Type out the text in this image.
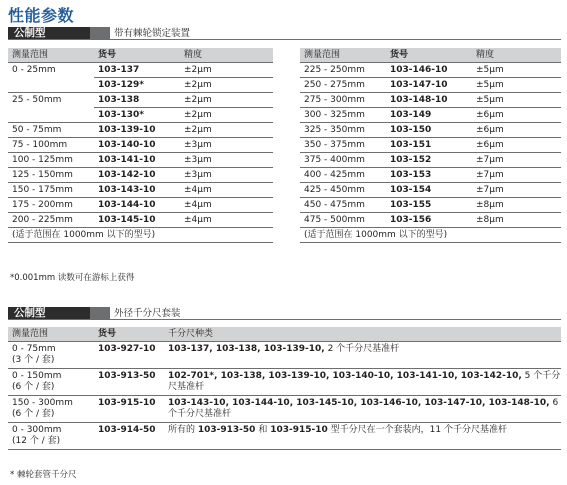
性能参数
公制型	带有棘轮锁定装置
测量范围	货号	精度
0 - 25mm	103-137	±2μm
	103-129*	±2μm
25 - 50mm	103-138	±2μm
	103-130*	±2μm
50 - 75mm	103-139-10	±2μm
75 - 100mm	103-140-10	±3μm
100 - 125mm	103-141-10	±3μm
125 - 150mm	103-142-10	±3μm
150 - 175mm	103-143-10	±4μm
175 - 200mm	103-144-10	±4μm
200 - 225mm	103-145-10	±4μm
(适于范围在 1000mm 以下的型号)		
测量范围	货号	精度
225 - 250mm	103-146-10	±5μm
250 - 275mm	103-147-10	±5μm
275 - 300mm	103-148-10	±5μm
300 - 325mm	103-149	±6μm
325 - 350mm	103-150	±6μm
350 - 375mm	103-151	±6μm
375 - 400mm	103-152	±7μm
400 - 425mm	103-153	±7μm
425 - 450mm	103-154	±7μm
450 - 475mm	103-155	±8μm
475 - 500mm	103-156	±8μm
(适于范围在 1000mm 以下的型号)		
*0.001mm 读数可在游标上获得
公制型	外径千分尺套装
测量范围	货号	千分尺种类

0 - 75mm
(3 个 / 套)	103-927-10	103-137, 103-138, 103-139-10, 2 个千分尺基准杆

0 - 150mm
(6 个 / 套)	103-913-50	102-701*, 103-138, 103-139-10, 103-140-10, 103-141-10, 103-142-10, 5 个千分尺基准杆

150 - 300mm
(6 个 / 套)	103-915-10	103-143-10, 103-144-10, 103-145-10, 103-146-10, 103-147-10, 103-148-10, 6 个千分尺基准杆

0 - 300mm
(12 个 / 套)	103-914-50	所有的 103-913-50 和 103-915-10 型千分尺在一个套装内，11 个千分尺基准杆
* 棘轮套管千分尺
